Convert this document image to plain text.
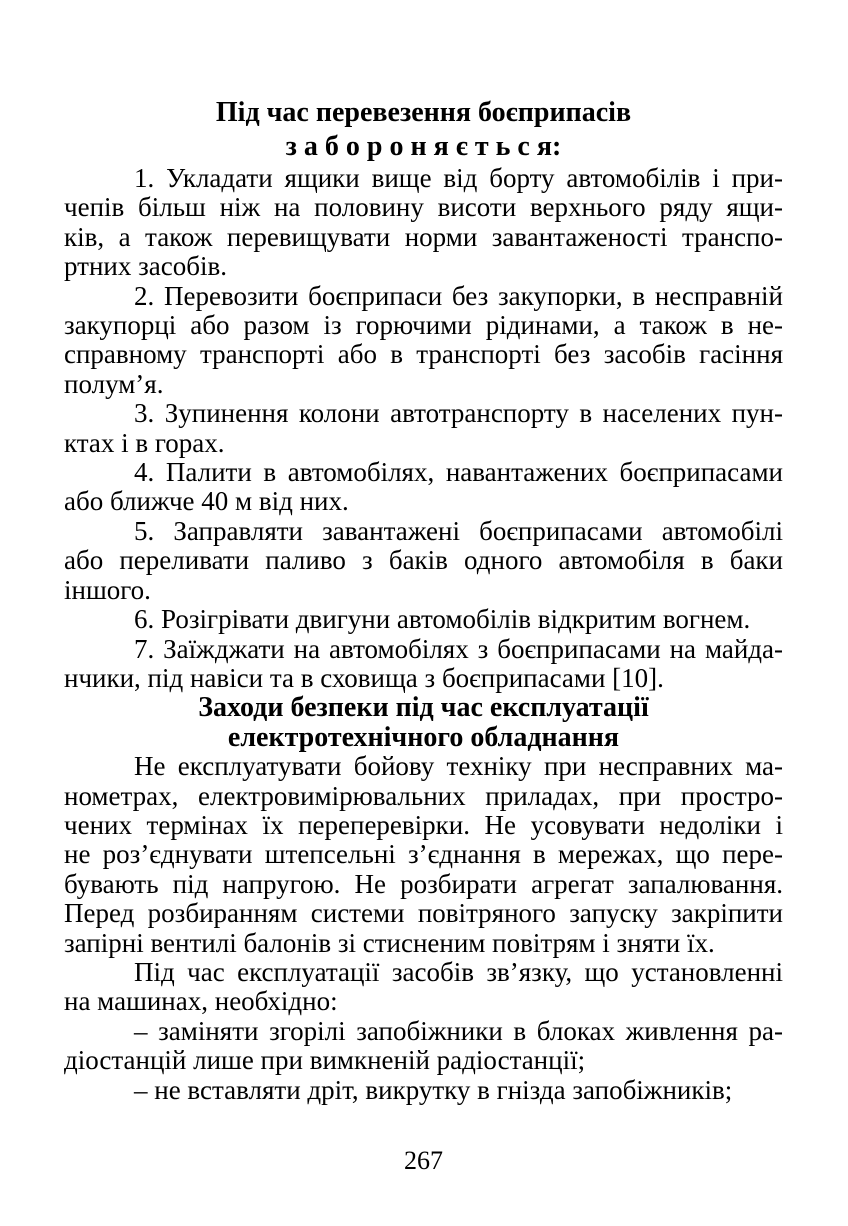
Під час перевезення боєприпасів
з а б о р о н я є т ь с я:
1. Укладати ящики вище від борту автомобілів і при-
чепів більш ніж на половину висоти верхнього ряду ящи-
ків, а також перевищувати норми завантаженості транспо-
ртних засобів.
2. Перевозити боєприпаси без закупорки, в несправній
закупорці або разом із горючими рідинами, а також в не-
справному транспорті або в транспорті без засобів гасіння
полум’я.
3. Зупинення колони автотранспорту в населених пун-
ктах і в горах.
4. Палити в автомобілях, навантажених боєприпасами
або ближче 40 м від них.
5. Заправляти завантажені боєприпасами автомобілі
або переливати паливо з баків одного автомобіля в баки
іншого.
6. Розігрівати двигуни автомобілів відкритим вогнем.
7. Заїжджати на автомобілях з боєприпасами на майда-
нчики, під навіси та в сховища з боєприпасами [10].
Заходи безпеки під час експлуатації
електротехнічного обладнання
Не експлуатувати бойову техніку при несправних ма-
нометрах, електровимірювальних приладах, при простро-
чених термінах їх переперевірки. Не усовувати недоліки і
не роз’єднувати штепсельні з’єднання в мережах, що пере-
бувають під напругою. Не розбирати агрегат запалювання.
Перед розбиранням системи повітряного запуску закріпити
запірні вентилі балонів зі стисненим повітрям і зняти їх.
Під час експлуатації засобів зв’язку, що установленні
на машинах, необхідно:
– заміняти згорілі запобіжники в блоках живлення ра-
діостанцій лише при вимкненій радіостанції;
– не вставляти дріт, викрутку в гнізда запобіжників;
267
